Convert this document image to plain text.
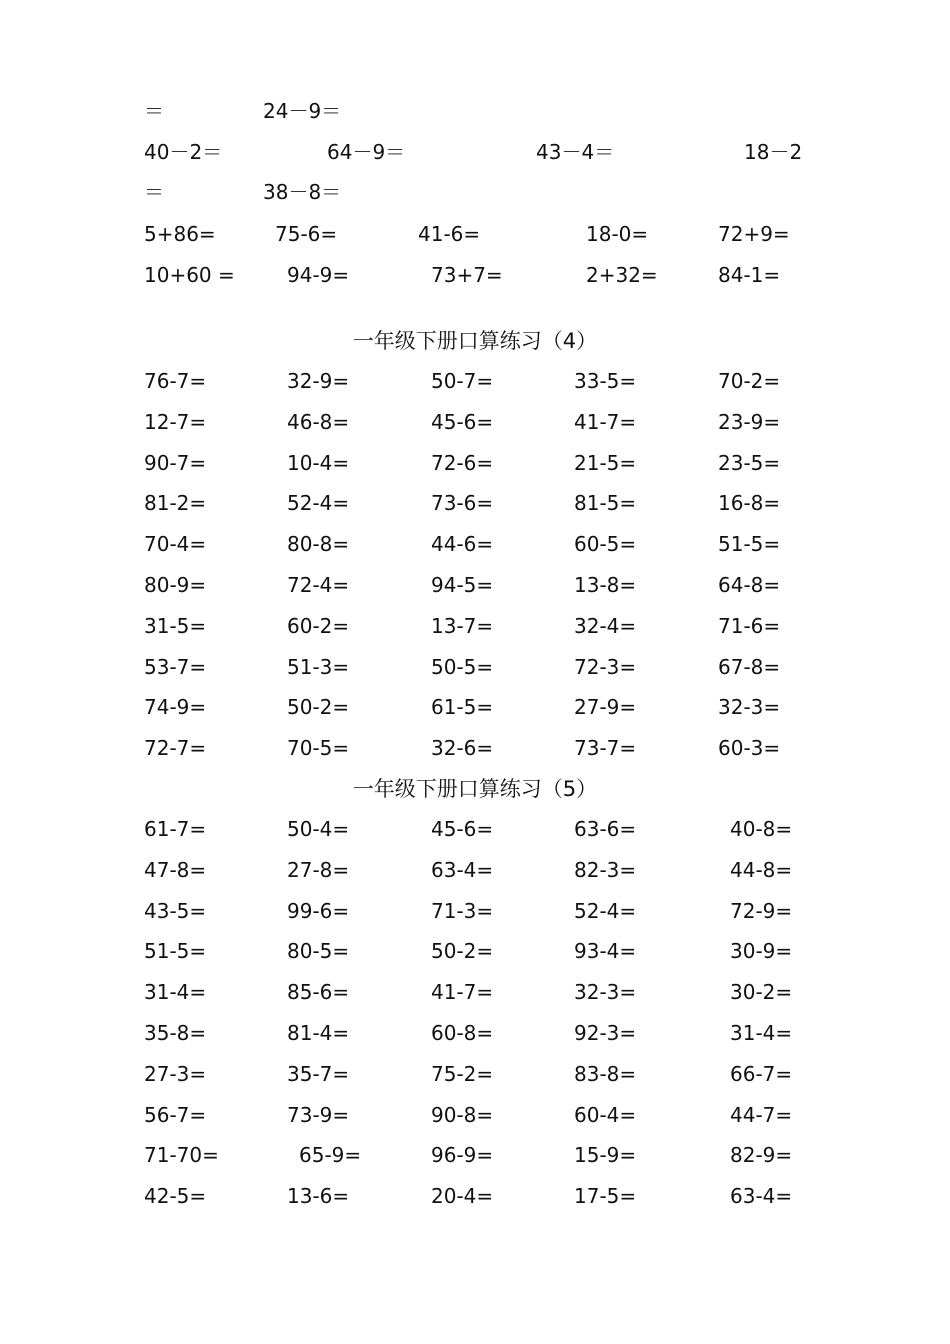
＝	24－9＝
40－2＝	64－9＝	43－4＝	18－2
＝	38－8＝
5+86=	75-6=	41-6=	18-0=	72+9=
10+60 =	94-9=	73+7=	2+32=	84-1=
一年级下册口算练习（4）
76-7=	32-9=	50-7=	33-5=	70-2=
12-7=	46-8=	45-6=	41-7=	23-9=
90-7=	10-4=	72-6=	21-5=	23-5=
81-2=	52-4=	73-6=	81-5=	16-8=
70-4=	80-8=	44-6=	60-5=	51-5=
80-9=	72-4=	94-5=	13-8=	64-8=
31-5=	60-2=	13-7=	32-4=	71-6=
53-7=	51-3=	50-5=	72-3=	67-8=
74-9=	50-2=	61-5=	27-9=	32-3=
72-7=	70-5=	32-6=	73-7=	60-3=
一年级下册口算练习（5）
61-7=	50-4=	45-6=	63-6=	40-8=
47-8=	27-8=	63-4=	82-3=	44-8=
43-5=	99-6=	71-3=	52-4=	72-9=
51-5=	80-5=	50-2=	93-4=	30-9=
31-4=	85-6=	41-7=	32-3=	30-2=
35-8=	81-4=	60-8=	92-3=	31-4=
27-3=	35-7=	75-2=	83-8=	66-7=
56-7=	73-9=	90-8=	60-4=	44-7=
71-70=	65-9=	96-9=	15-9=	82-9=
42-5=	13-6=	20-4=	17-5=	63-4=
